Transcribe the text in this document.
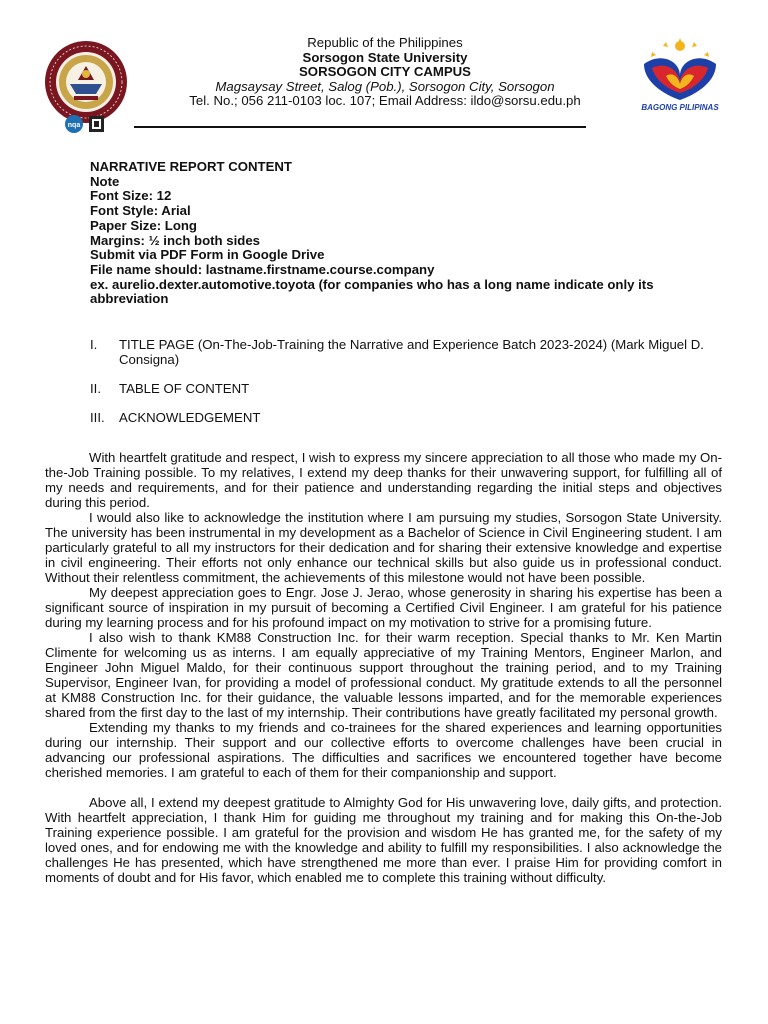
nqa
BAGONG PILIPINAS
Republic of the Philippines
Sorsogon State University
SORSOGON CITY CAMPUS
Magsaysay Street, Salog (Pob.), Sorsogon City, Sorsogon
Tel. No.; 056 211-0103 loc. 107; Email Address: ildo@sorsu.edu.ph
NARRATIVE REPORT CONTENT
Note
Font Size: 12
Font Style: Arial
Paper Size: Long
Margins: ½ inch both sides
Submit via PDF Form in Google Drive
File name should: lastname.firstname.course.company
ex. aurelio.dexter.automotive.toyota (for companies who has a long name indicate only its abbreviation
I. TITLE PAGE (On-The-Job-Training the Narrative and Experience Batch 2023-2024) (Mark Miguel D. Consigna)
II. TABLE OF CONTENT
III. ACKNOWLEDGEMENT

With heartfelt gratitude and respect, I wish to express my sincere appreciation to all those who made my On-the-Job Training possible. To my relatives, I extend my deep thanks for their unwavering support, for fulfilling all of my needs and requirements, and for their patience and understanding regarding the initial steps and objectives during this period.

I would also like to acknowledge the institution where I am pursuing my studies, Sorsogon State University. The university has been instrumental in my development as a Bachelor of Science in Civil Engineering student. I am particularly grateful to all my instructors for their dedication and for sharing their extensive knowledge and expertise in civil engineering. Their efforts not only enhance our technical skills but also guide us in professional conduct. Without their relentless commitment, the achievements of this milestone would not have been possible.

My deepest appreciation goes to Engr. Jose J. Jerao, whose generosity in sharing his expertise has been a significant source of inspiration in my pursuit of becoming a Certified Civil Engineer. I am grateful for his patience during my learning process and for his profound impact on my motivation to strive for a promising future.

I also wish to thank KM88 Construction Inc. for their warm reception. Special thanks to Mr. Ken Martin Climente for welcoming us as interns. I am equally appreciative of my Training Mentors, Engineer Marlon, and Engineer John Miguel Maldo, for their continuous support throughout the training period, and to my Training Supervisor, Engineer Ivan, for providing a model of professional conduct. My gratitude extends to all the personnel at KM88 Construction Inc. for their guidance, the valuable lessons imparted, and for the memorable experiences shared from the first day to the last of my internship. Their contributions have greatly facilitated my personal growth.

Extending my thanks to my friends and co-trainees for the shared experiences and learning opportunities during our internship. Their support and our collective efforts to overcome challenges have been crucial in advancing our professional aspirations. The difficulties and sacrifices we encountered together have become cherished memories. I am grateful to each of them for their companionship and support.

Above all, I extend my deepest gratitude to Almighty God for His unwavering love, daily gifts, and protection. With heartfelt appreciation, I thank Him for guiding me throughout my training and for making this On-the-Job Training experience possible. I am grateful for the provision and wisdom He has granted me, for the safety of my loved ones, and for endowing me with the knowledge and ability to fulfill my responsibilities. I also acknowledge the challenges He has presented, which have strengthened me more than ever. I praise Him for providing comfort in moments of doubt and for His favor, which enabled me to complete this training without difficulty.
